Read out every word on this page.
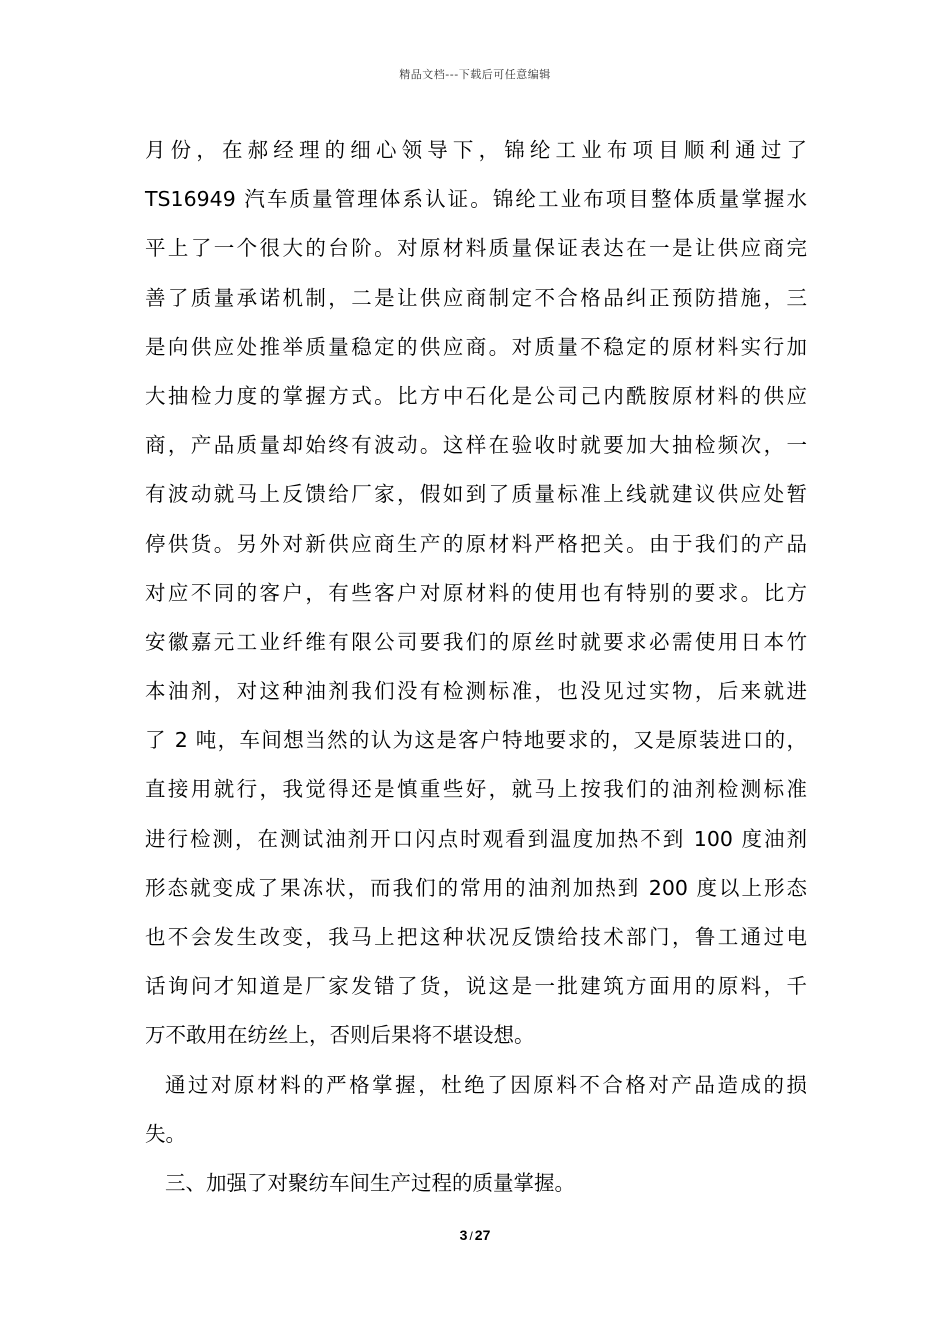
精品文档---下载后可任意编辑
月份，在郝经理的细心领导下，锦纶工业布项目顺利通过了
TS16949 汽车质量管理体系认证。锦纶工业布项目整体质量掌握水
平上了一个很大的台阶。对原材料质量保证表达在一是让供应商完
善了质量承诺机制，二是让供应商制定不合格品纠正预防措施，三
是向供应处推举质量稳定的供应商。对质量不稳定的原材料实行加
大抽检力度的掌握方式。比方中石化是公司己内酰胺原材料的供应
商，产品质量却始终有波动。这样在验收时就要加大抽检频次，一
有波动就马上反馈给厂家，假如到了质量标准上线就建议供应处暂
停供货。另外对新供应商生产的原材料严格把关。由于我们的产品
对应不同的客户，有些客户对原材料的使用也有特别的要求。比方
安徽嘉元工业纤维有限公司要我们的原丝时就要求必需使用日本竹
本油剂，对这种油剂我们没有检测标准，也没见过实物，后来就进
了 2 吨，车间想当然的认为这是客户特地要求的，又是原装进口的，
直接用就行，我觉得还是慎重些好，就马上按我们的油剂检测标准
进行检测，在测试油剂开口闪点时观看到温度加热不到 100 度油剂
形态就变成了果冻状，而我们的常用的油剂加热到 200 度以上形态
也不会发生改变，我马上把这种状况反馈给技术部门，鲁工通过电
话询问才知道是厂家发错了货，说这是一批建筑方面用的原料，千
万不敢用在纺丝上，否则后果将不堪设想。
通过对原材料的严格掌握，杜绝了因原料不合格对产品造成的损
失。
三、加强了对聚纺车间生产过程的质量掌握。
3 / 27
